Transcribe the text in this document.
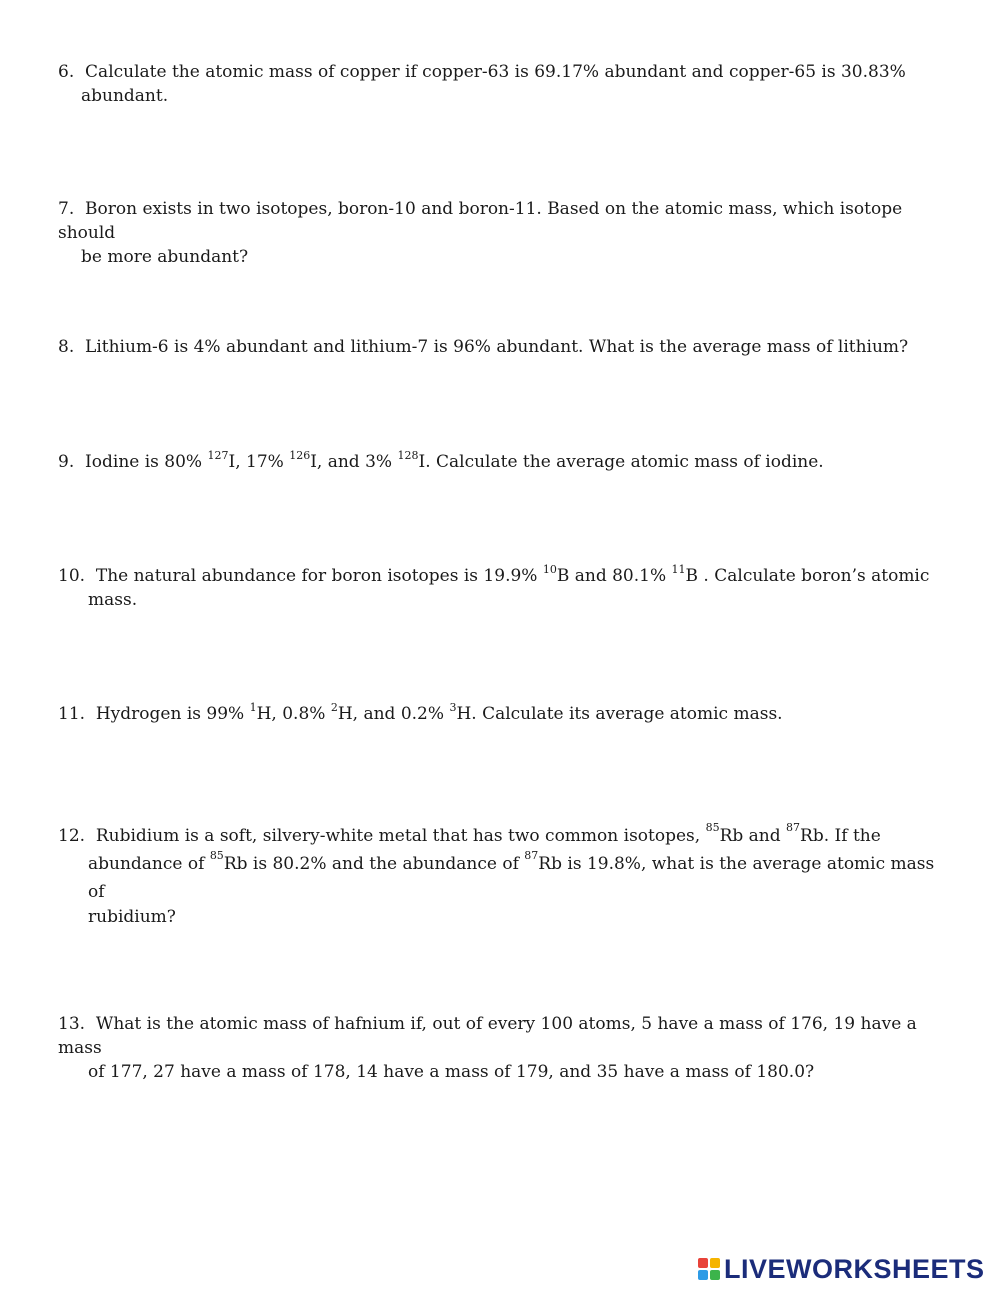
6. Calculate the atomic mass of copper if copper-63 is 69.17% abundant and copper-65 is 30.83%
abundant.

7. Boron exists in two isotopes, boron-10 and boron-11. Based on the atomic mass, which isotope should
be more abundant?

8. Lithium-6 is 4% abundant and lithium-7 is 96% abundant. What is the average mass of lithium?

9. Iodine is 80% $^{127}$I, 17% $^{126}$I, and 3% $^{128}$I. Calculate the average atomic mass of iodine.

10. The natural abundance for boron isotopes is 19.9% $^{10}$B and 80.1% $^{11}$B . Calculate boron’s atomic
mass.

11. Hydrogen is 99% $^1$H, 0.8% $^2$H, and 0.2% $^3$H. Calculate its average atomic mass.

12. Rubidium is a soft, silvery-white metal that has two common isotopes, $^{85}$Rb and $^{87}$Rb. If the
abundance of $^{85}$Rb is 80.2% and the abundance of $^{87}$Rb is 19.8%, what is the average atomic mass of
rubidium?

13. What is the atomic mass of hafnium if, out of every 100 atoms, 5 have a mass of 176, 19 have a mass
of 177, 27 have a mass of 178, 14 have a mass of 179, and 35 have a mass of 180.0?

LIVEWORKSHEETS
